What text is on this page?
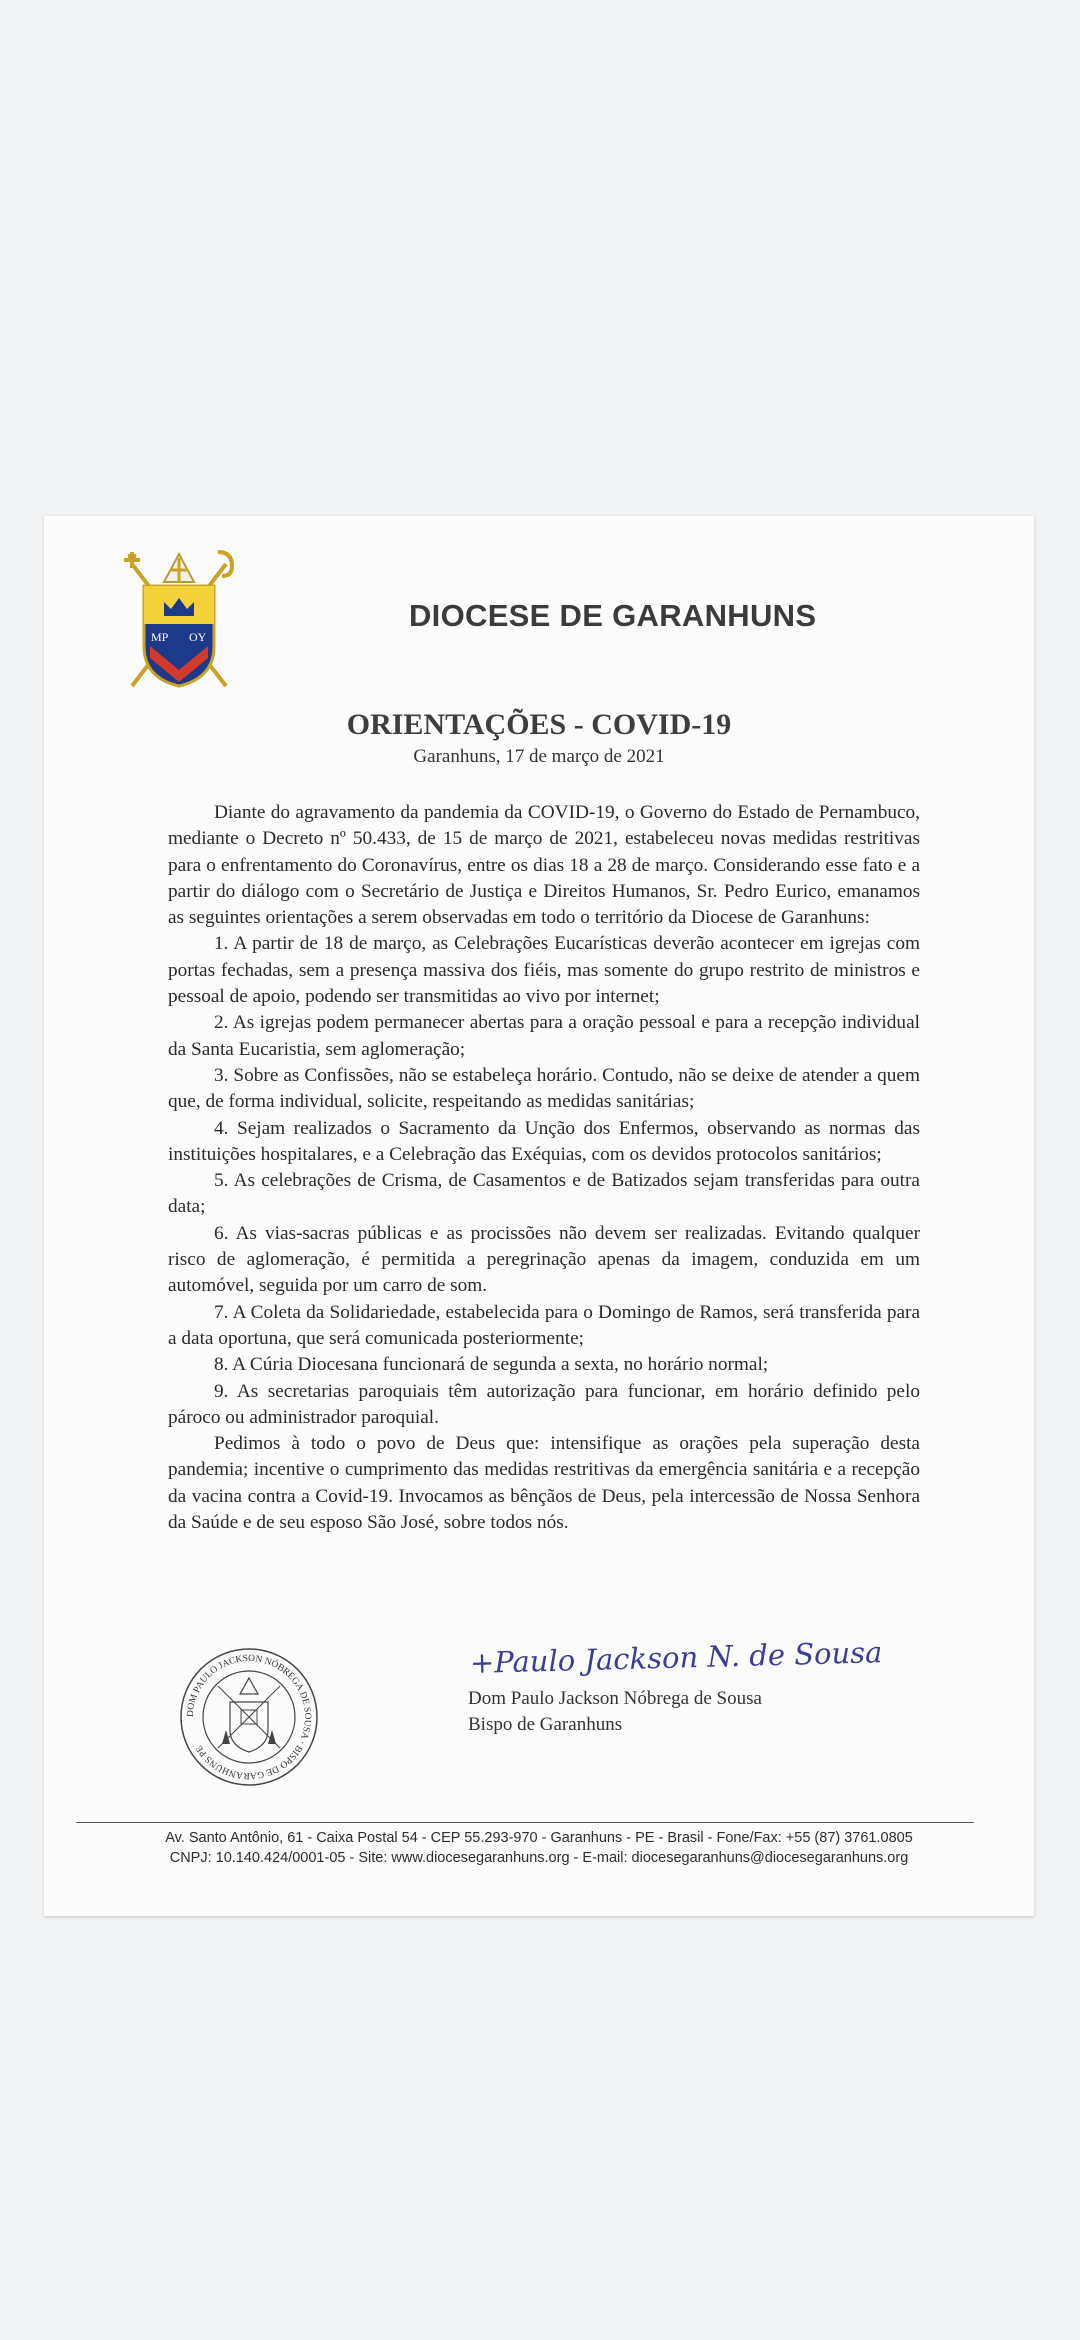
MP OY
DIOCESE DE GARANHUNS
ORIENTAÇÕES - COVID-19
Garanhuns, 17 de março de 2021

Diante do agravamento da pandemia da COVID-19, o Governo do Estado de Pernambuco, mediante o Decreto nº 50.433, de 15 de março de 2021, estabeleceu novas medidas restritivas para o enfrentamento do Coronavírus, entre os dias 18 a 28 de março. Considerando esse fato e a partir do diálogo com o Secretário de Justiça e Direitos Humanos, Sr. Pedro Eurico, emanamos as seguintes orientações a serem observadas em todo o território da Diocese de Garanhuns:

1. A partir de 18 de março, as Celebrações Eucarísticas deverão acontecer em igrejas com portas fechadas, sem a presença massiva dos fiéis, mas somente do grupo restrito de ministros e pessoal de apoio, podendo ser transmitidas ao vivo por internet;

2. As igrejas podem permanecer abertas para a oração pessoal e para a recepção individual da Santa Eucaristia, sem aglomeração;

3. Sobre as Confissões, não se estabeleça horário. Contudo, não se deixe de atender a quem que, de forma individual, solicite, respeitando as medidas sanitárias;

4. Sejam realizados o Sacramento da Unção dos Enfermos, observando as normas das instituições hospitalares, e a Celebração das Exéquias, com os devidos protocolos sanitários;

5. As celebrações de Crisma, de Casamentos e de Batizados sejam transferidas para outra data;

6. As vias-sacras públicas e as procissões não devem ser realizadas. Evitando qualquer risco de aglomeração, é permitida a peregrinação apenas da imagem, conduzida em um automóvel, seguida por um carro de som.

7. A Coleta da Solidariedade, estabelecida para o Domingo de Ramos, será transferida para a data oportuna, que será comunicada posteriormente;

8. A Cúria Diocesana funcionará de segunda a sexta, no horário normal;

9. As secretarias paroquiais têm autorização para funcionar, em horário definido pelo pároco ou administrador paroquial.

Pedimos à todo o povo de Deus que: intensifique as orações pela superação desta pandemia; incentive o cumprimento das medidas restritivas da emergência sanitária e a recepção da vacina contra a Covid-19. Invocamos as bênçãos de Deus, pela intercessão de Nossa Senhora da Saúde e de seu esposo São José, sobre todos nós.

DOM PAULO JACKSON NÓBREGA DE SOUSA · BISPO DE GARANHUNS PE
+Paulo Jackson N. de Sousa
Dom Paulo Jackson Nóbrega de Sousa
Bispo de Garanhuns
Av. Santo Antônio, 61 - Caixa Postal 54 - CEP 55.293-970 - Garanhuns - PE - Brasil - Fone/Fax: +55 (87) 3761.0805
CNPJ: 10.140.424/0001-05 - Site: www.diocesegaranhuns.org - E-mail: diocesegaranhuns@diocesegaranhuns.org
